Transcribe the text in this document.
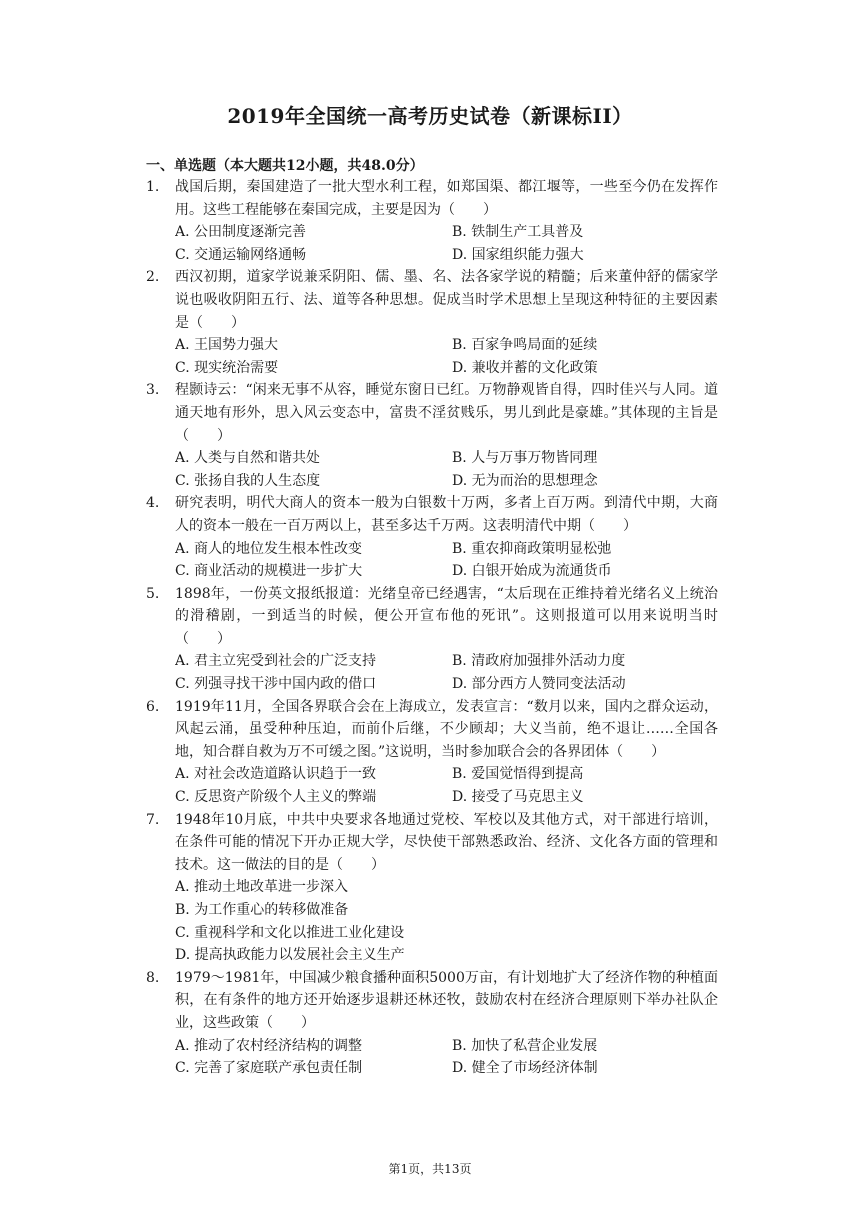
2019年全国统一高考历史试卷（新课标II）
一、单选题（本大题共12小题，共48.0分）
1. 战国后期，秦国建造了一批大型水利工程，如郑国渠、都江堰等，一些至今仍在发挥作用。这些工程能够在秦国完成，主要是因为（　　）
A. 公田制度逐渐完善	B. 铁制生产工具普及
C. 交通运输网络通畅	D. 国家组织能力强大
2. 西汉初期，道家学说兼采阴阳、儒、墨、名、法各家学说的精髓；后来董仲舒的儒家学说也吸收阴阳五行、法、道等各种思想。促成当时学术思想上呈现这种特征的主要因素是（　　）
A. 王国势力强大	B. 百家争鸣局面的延续
C. 现实统治需要	D. 兼收并蓄的文化政策
3. 程颢诗云：“闲来无事不从容，睡觉东窗日已红。万物静观皆自得，四时佳兴与人同。道通天地有形外，思入风云变态中，富贵不淫贫贱乐，男儿到此是豪雄。”其体现的主旨是（　　）
A. 人类与自然和谐共处	B. 人与万事万物皆同理
C. 张扬自我的人生态度	D. 无为而治的思想理念
4. 研究表明，明代大商人的资本一般为白银数十万两，多者上百万两。到清代中期，大商人的资本一般在一百万两以上，甚至多达千万两。这表明清代中期（　　）
A. 商人的地位发生根本性改变	B. 重农抑商政策明显松弛
C. 商业活动的规模进一步扩大	D. 白银开始成为流通货币
5. 1898年，一份英文报纸报道：光绪皇帝已经遇害，“太后现在正维持着光绪名义上统治的滑稽剧，一到适当的时候，便公开宣布他的死讯”。这则报道可以用来说明当时（　　）
A. 君主立宪受到社会的广泛支持	B. 清政府加强排外活动力度
C. 列强寻找干涉中国内政的借口	D. 部分西方人赞同变法活动
6. 1919年11月，全国各界联合会在上海成立，发表宣言：“数月以来，国内之群众运动，风起云涌，虽受种种压迫，而前仆后继，不少顾却；大义当前，绝不退让……全国各地，知合群自救为万不可缓之图。”这说明，当时参加联合会的各界团体（　　）
A. 对社会改造道路认识趋于一致	B. 爱国觉悟得到提高
C. 反思资产阶级个人主义的弊端	D. 接受了马克思主义
7. 1948年10月底，中共中央要求各地通过党校、军校以及其他方式，对干部进行培训，在条件可能的情况下开办正规大学，尽快使干部熟悉政治、经济、文化各方面的管理和技术。这一做法的目的是（　　）
A. 推动土地改革进一步深入
B. 为工作重心的转移做准备
C. 重视科学和文化以推进工业化建设
D. 提高执政能力以发展社会主义生产
8. 1979～1981年，中国减少粮食播种面积5000万亩，有计划地扩大了经济作物的种植面积，在有条件的地方还开始逐步退耕还林还牧，鼓励农村在经济合理原则下举办社队企业，这些政策（　　）
A. 推动了农村经济结构的调整	B. 加快了私营企业发展
C. 完善了家庭联产承包责任制	D. 健全了市场经济体制
第1页，共13页
